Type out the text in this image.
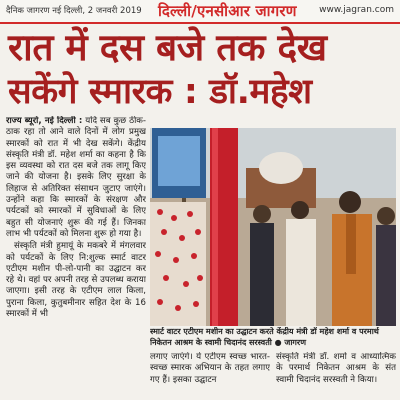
दैनिक जागरण नई दिल्ली, 2 जनवरी 2019 दिल्ली/एनसीआर जागरण www.jagran.com
रात में दस बजे तक देख
सकेंगे स्मारक : डॉ.महेश

राज्य ब्यूरो, नई दिल्ली : यदि सब कुछ ठीक-ठाक रहा तो आने वाले दिनों में लोग प्रमुख स्मारकों को रात में भी देख सकेंगे। केंद्रीय संस्कृति मंत्री डॉ. महेश शर्मा का कहना है कि इस व्यवस्था को रात दस बजे तक लागू किए जाने की योजना है। इसके लिए सुरक्षा के लिहाज से अतिरिक्त संसाधन जुटाए जाएंगे। उन्होंने कहा कि स्मारकों के संरक्षण और पर्यटकों को स्मारकों में सुविधाओं के लिए बहुत सी योजनाएं शुरू की गई हैं। जिनका लाभ भी पर्यटकों को मिलना शुरू हो गया है।

संस्कृति मंत्री हुमायूं के मकबरे में मंगलवार को पर्यटकों के लिए नि:शुल्क स्मार्ट वाटर एटीएम मशीन पी-लो-पानी का उद्घाटन कर रहे थे। वहां पर अपनी तरह से उपलब्ध कराया जाएगा। इसी तरह के एटीएम लाल किला, पुराना किला, कुतुबमीनार सहित देश के 16 स्मारकों में भी

स्मार्ट वाटर एटीएम मशीन का उद्घाटन करते केंद्रीय मंत्री डॉ महेश शर्मा व परमार्थ निकेतन आश्रम के स्वामी चिदानंद सरस्वती ● जागरण
लगाए जाएंगे। ये एटीएम स्वच्छ भारत-स्वच्छ स्मारक अभियान के तहत लगाए गए हैं। इसका उद्घाटन
संस्कृति मंत्री डॉ. शर्मा व आध्यात्मिक के परमार्थ निकेतन आश्रम के संत स्वामी चिदानंद सरस्वती ने किया।
